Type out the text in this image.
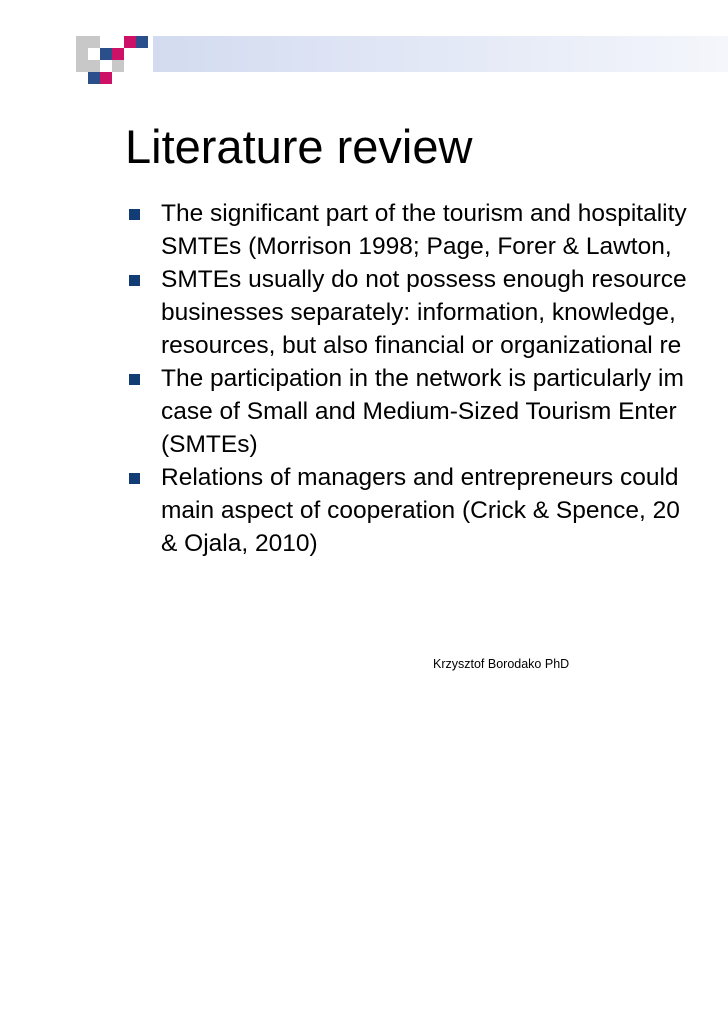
Literature review
The significant part of the tourism and hospitality
SMTEs (Morrison 1998; Page, Forer & Lawton,
SMTEs usually do not possess enough resource
businesses separately: information, knowledge,
resources, but also financial or organizational re
The participation in the network is particularly im
case of Small and Medium-Sized Tourism Enter
(SMTEs)
Relations of managers and entrepreneurs could
main aspect of cooperation (Crick & Spence, 20
& Ojala, 2010)
Krzysztof Borodako PhD
